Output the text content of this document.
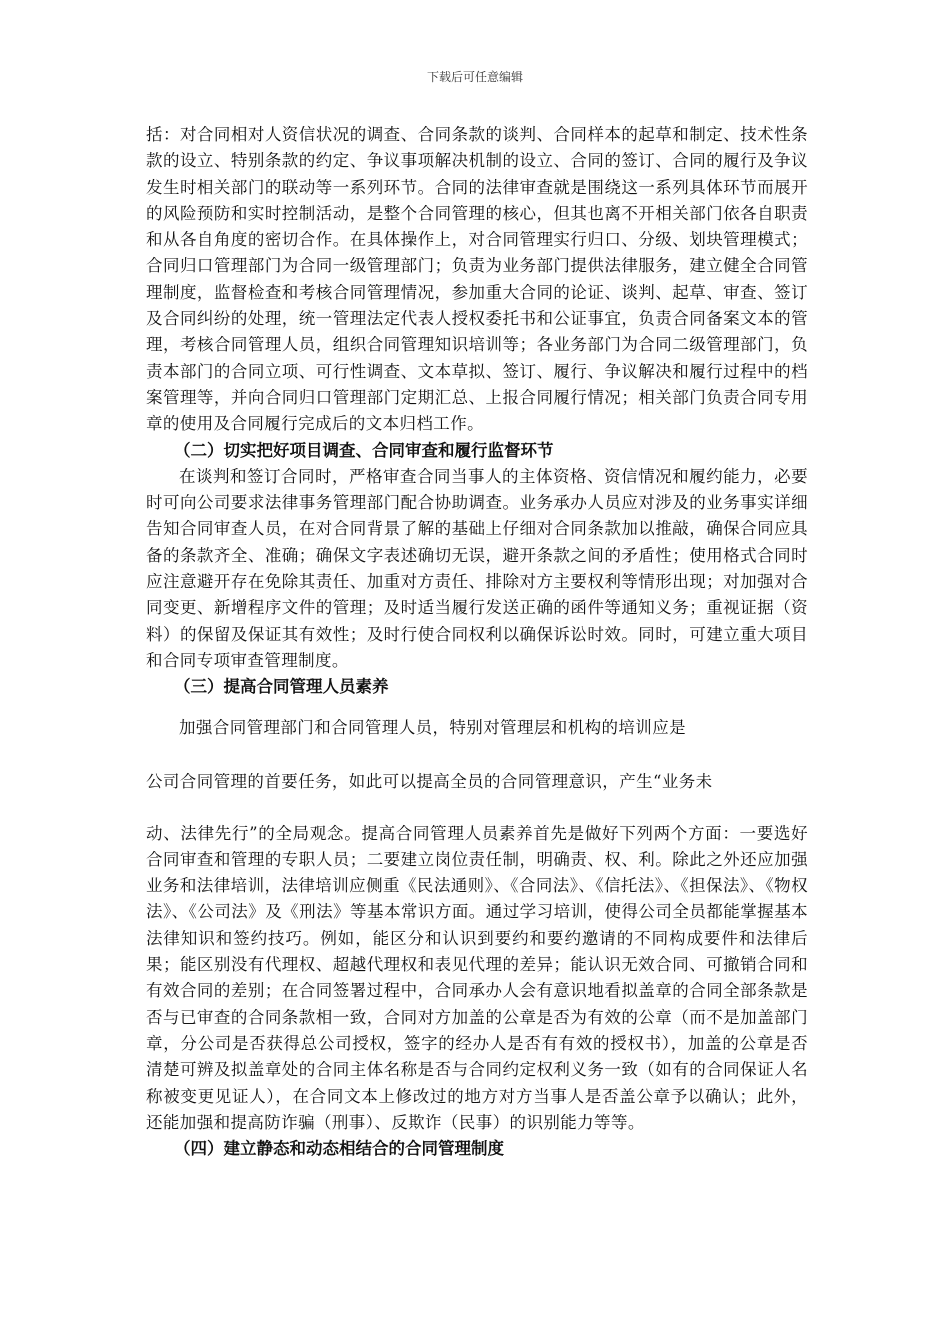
下载后可任意编辑

括：对合同相对人资信状况的调查、合同条款的谈判、合同样本的起草和制定、技术性条款的设立、特别条款的约定、争议事项解决机制的设立、合同的签订、合同的履行及争议发生时相关部门的联动等一系列环节。合同的法律审查就是围绕这一系列具体环节而展开的风险预防和实时控制活动，是整个合同管理的核心，但其也离不开相关部门依各自职责和从各自角度的密切合作。在具体操作上，对合同管理实行归口、分级、划块管理模式；合同归口管理部门为合同一级管理部门；负责为业务部门提供法律服务，建立健全合同管理制度，监督检查和考核合同管理情况，参加重大合同的论证、谈判、起草、审查、签订及合同纠纷的处理，统一管理法定代表人授权委托书和公证事宜，负责合同备案文本的管理，考核合同管理人员，组织合同管理知识培训等；各业务部门为合同二级管理部门，负责本部门的合同立项、可行性调查、文本草拟、签订、履行、争议解决和履行过程中的档案管理等，并向合同归口管理部门定期汇总、上报合同履行情况；相关部门负责合同专用章的使用及合同履行完成后的文本归档工作。

（二）切实把好项目调查、合同审查和履行监督环节

在谈判和签订合同时，严格审查合同当事人的主体资格、资信情况和履约能力，必要时可向公司要求法律事务管理部门配合协助调查。业务承办人员应对涉及的业务事实详细告知合同审查人员，在对合同背景了解的基础上仔细对合同条款加以推敲，确保合同应具备的条款齐全、准确；确保文字表述确切无误，避开条款之间的矛盾性；使用格式合同时应注意避开存在免除其责任、加重对方责任、排除对方主要权利等情形出现；对加强对合同变更、新增程序文件的管理；及时适当履行发送正确的函件等通知义务；重视证据（资料）的保留及保证其有效性；及时行使合同权利以确保诉讼时效。同时，可建立重大项目和合同专项审查管理制度。

（三）提高合同管理人员素养

加强合同管理部门和合同管理人员，特别对管理层和机构的培训应是

公司合同管理的首要任务，如此可以提高全员的合同管理意识，产生“业务未

动、法律先行”的全局观念。提高合同管理人员素养首先是做好下列两个方面：一要选好合同审查和管理的专职人员；二要建立岗位责任制，明确责、权、利。除此之外还应加强业务和法律培训，法律培训应侧重《民法通则》、《合同法》、《信托法》、《担保法》、《物权法》、《公司法》及《刑法》等基本常识方面。通过学习培训，使得公司全员都能掌握基本法律知识和签约技巧。例如，能区分和认识到要约和要约邀请的不同构成要件和法律后果；能区别没有代理权、超越代理权和表见代理的差异；能认识无效合同、可撤销合同和有效合同的差别；在合同签署过程中，合同承办人会有意识地看拟盖章的合同全部条款是否与已审查的合同条款相一致，合同对方加盖的公章是否为有效的公章（而不是加盖部门章，分公司是否获得总公司授权，签字的经办人是否有有效的授权书），加盖的公章是否清楚可辨及拟盖章处的合同主体名称是否与合同约定权利义务一致（如有的合同保证人名称被变更见证人），在合同文本上修改过的地方对方当事人是否盖公章予以确认；此外，还能加强和提高防诈骗（刑事）、反欺诈（民事）的识别能力等等。

（四）建立静态和动态相结合的合同管理制度
